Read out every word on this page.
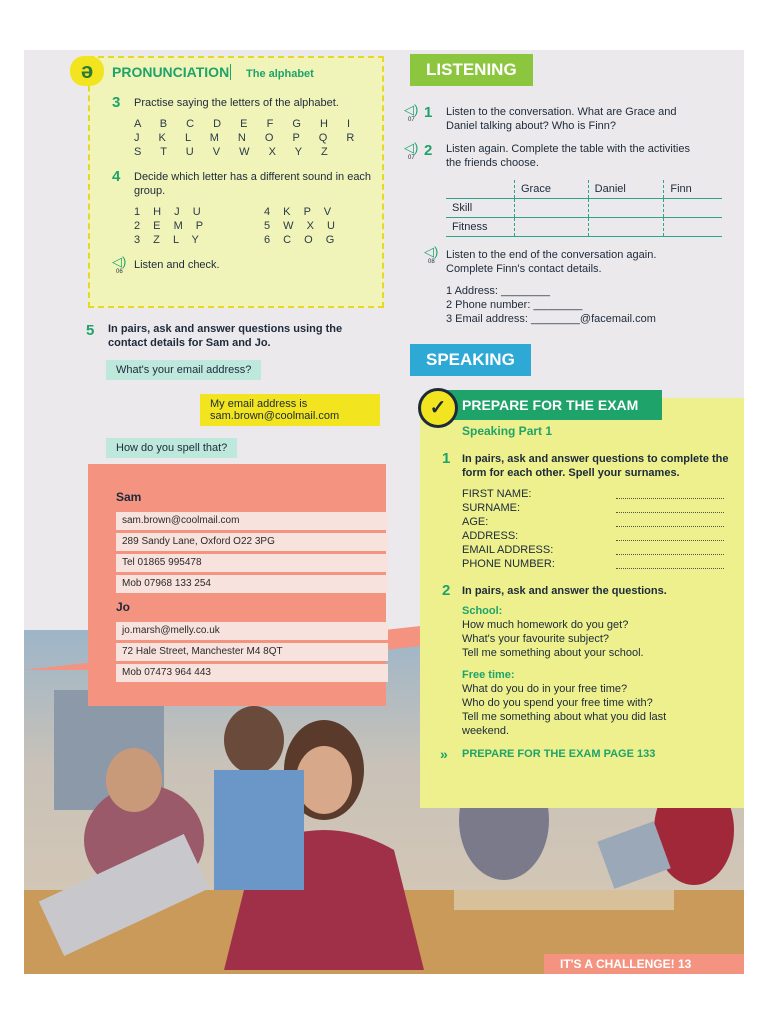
ə	PRONUNCIATION The alphabet
3 Practise saying the letters of the alphabet.
A B C D E F G H I
J K L M N O P Q R
S T U V W X Y Z
4 Decide which letter has a different sound in each group.
1 H J U
2 E M P
3 Z L Y
4 K P V
5 W X U
6 C O G
◁)
06
Listen and check.
5 In pairs, ask and answer questions using the contact details for Sam and Jo.
What's your email address?
My email address is sam.brown@coolmail.com
How do you spell that?
Sam
sam.brown@coolmail.com
289 Sandy Lane, Oxford O22 3PG
Tel 01865 995478
Mob 07968 133 254
Jo
jo.marsh@melly.co.uk
72 Hale Street, Manchester M4 8QT
Mob 07473 964 443
LISTENING
◁)
07 1 Listen to the conversation. What are Grace and Daniel talking about? Who is Finn?
◁)
07 2 Listen again. Complete the table with the activities the friends choose.
	Grace	Daniel	Finn
Skill			
Fitness			
◁)
08
Listen to the end of the conversation again. Complete Finn's contact details.
1 Address: ________
2 Phone number: ________
3 Email address: ________@facemail.com
SPEAKING
PREPARE FOR THE EXAM
✓
Speaking Part 1
1 In pairs, ask and answer questions to complete the form for each other. Spell your surnames.
FIRST NAME:
SURNAME:
AGE:
ADDRESS:
EMAIL ADDRESS:
PHONE NUMBER:
2 In pairs, ask and answer the questions.
School:
How much homework do you get?
What's your favourite subject?
Tell me something about your school.
Free time:
What do you do in your free time?
Who do you spend your free time with?
Tell me something about what you did last weekend.
» PREPARE FOR THE EXAM PAGE 133
IT'S A CHALLENGE! 13
